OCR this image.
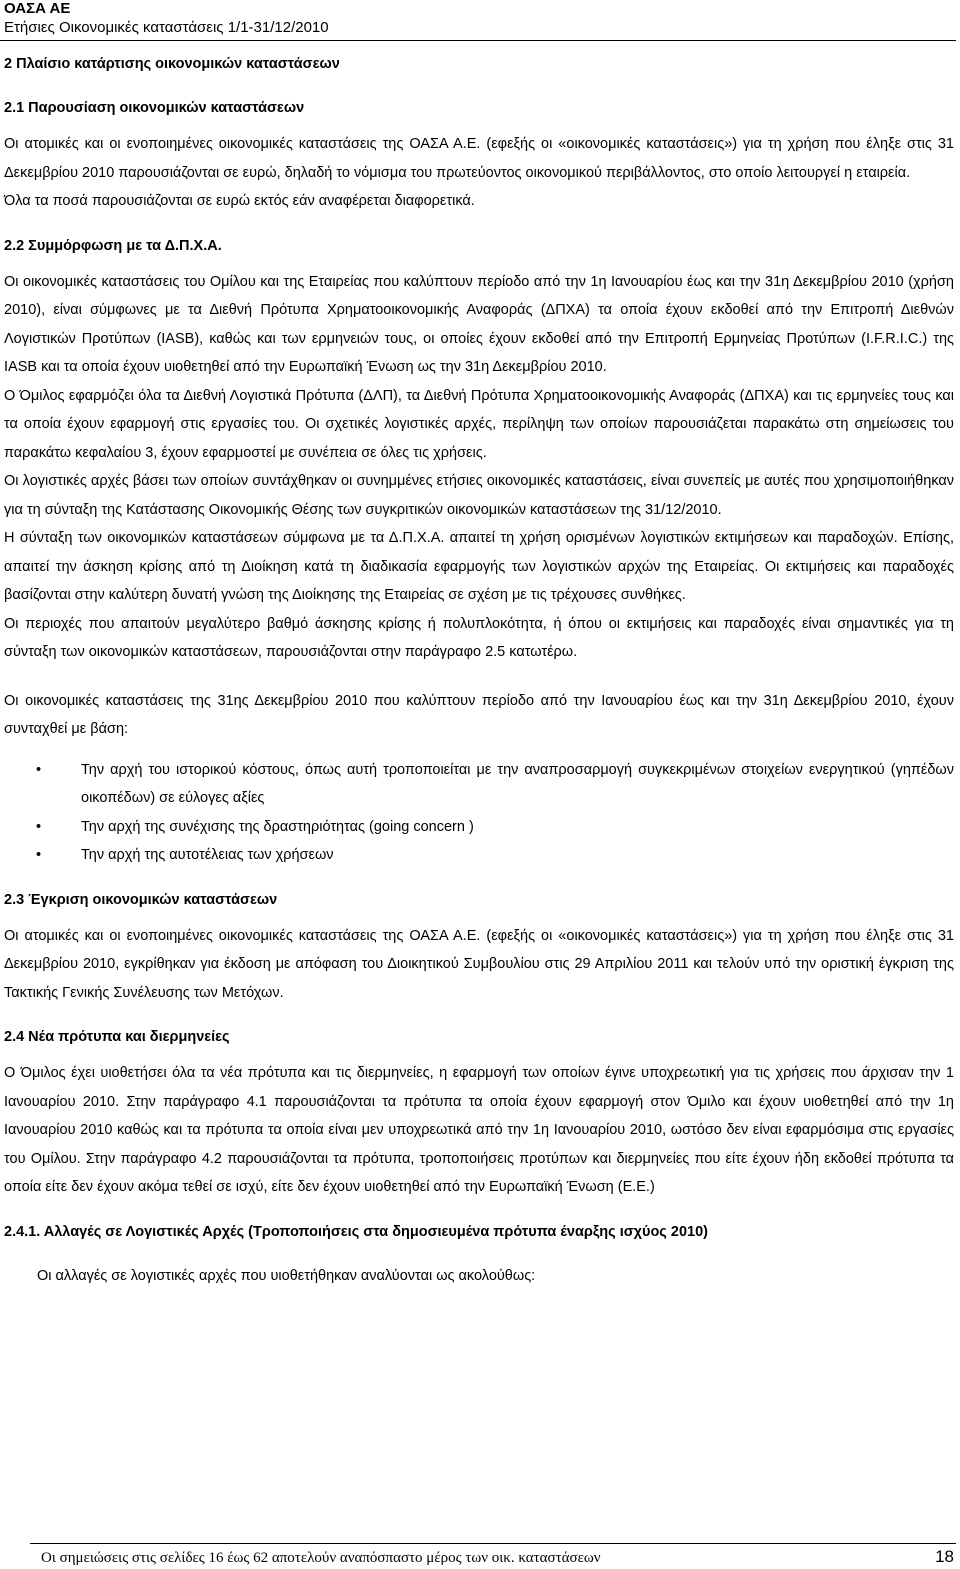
ΟΑΣΑ ΑΕ

Ετήσιες Οικονομικές καταστάσεις 1/1-31/12/2010

2 Πλαίσιο κατάρτισης οικονομικών καταστάσεων

2.1 Παρουσίαση οικονομικών καταστάσεων

Οι ατομικές και οι ενοποιημένες οικονομικές καταστάσεις της ΟΑΣΑ Α.Ε. (εφεξής οι «οικονομικές καταστάσεις») για τη χρήση που έληξε στις 31 Δεκεμβρίου 2010 παρουσιάζονται σε ευρώ, δηλαδή το νόμισμα του πρωτεύοντος οικονομικού περιβάλλοντος, στο οποίο λειτουργεί η εταιρεία.

Όλα τα ποσά παρουσιάζονται σε ευρώ εκτός εάν αναφέρεται διαφορετικά.

2.2 Συμμόρφωση με τα Δ.Π.Χ.Α.

Οι οικονομικές καταστάσεις του Ομίλου και της Εταιρείας που καλύπτουν περίοδο από την 1η Ιανουαρίου έως και την 31η Δεκεμβρίου 2010 (χρήση 2010), είναι σύμφωνες με τα Διεθνή Πρότυπα Χρηματοοικονομικής Αναφοράς (ΔΠΧΑ) τα οποία έχουν εκδοθεί από την Επιτροπή Διεθνών Λογιστικών Προτύπων (IASB), καθώς και των ερμηνειών τους, οι οποίες έχουν εκδοθεί από την Επιτροπή Ερμηνείας Προτύπων (I.F.R.I.C.) της IASB και τα οποία έχουν υιοθετηθεί από την Ευρωπαϊκή Ένωση ως την 31η Δεκεμβρίου 2010.

Ο Όμιλος εφαρμόζει όλα τα Διεθνή Λογιστικά Πρότυπα (ΔΛΠ), τα Διεθνή Πρότυπα Χρηματοοικονομικής Αναφοράς (ΔΠΧΑ) και τις ερμηνείες τους και τα οποία έχουν εφαρμογή στις εργασίες του. Οι σχετικές λογιστικές αρχές, περίληψη των οποίων παρουσιάζεται παρακάτω στη σημείωσεις του παρακάτω κεφαλαίου 3, έχουν εφαρμοστεί με συνέπεια σε όλες τις χρήσεις.

Οι λογιστικές αρχές βάσει των οποίων συντάχθηκαν οι συνημμένες ετήσιες οικονομικές καταστάσεις, είναι συνεπείς με αυτές που χρησιμοποιήθηκαν για τη σύνταξη της Κατάστασης Οικονομικής Θέσης των συγκριτικών οικονομικών καταστάσεων της 31/12/2010.

Η σύνταξη των οικονομικών καταστάσεων σύμφωνα με τα Δ.Π.Χ.Α. απαιτεί τη χρήση ορισμένων λογιστικών εκτιμήσεων και παραδοχών. Επίσης, απαιτεί την άσκηση κρίσης από τη Διοίκηση κατά τη διαδικασία εφαρμογής των λογιστικών αρχών της Εταιρείας. Οι εκτιμήσεις και παραδοχές βασίζονται στην καλύτερη δυνατή γνώση της Διοίκησης της Εταιρείας σε σχέση με τις τρέχουσες συνθήκες.

Οι περιοχές που απαιτούν μεγαλύτερο βαθμό άσκησης κρίσης ή πολυπλοκότητα, ή όπου οι εκτιμήσεις και παραδοχές είναι σημαντικές για τη σύνταξη των οικονομικών καταστάσεων, παρουσιάζονται στην παράγραφο 2.5 κατωτέρω.

Οι οικονομικές καταστάσεις της 31ης Δεκεμβρίου 2010 που καλύπτουν περίοδο από την Ιανουαρίου έως και την 31η Δεκεμβρίου 2010, έχουν συνταχθεί με βάση:

•	Την αρχή του ιστορικού κόστους, όπως αυτή τροποποιείται με την αναπροσαρμογή συγκεκριμένων στοιχείων ενεργητικού (γηπέδων οικοπέδων) σε εύλογες αξίες
•	Την αρχή της συνέχισης της δραστηριότητας (going concern )
•	Την αρχή της αυτοτέλειας των χρήσεων

2.3 Έγκριση οικονομικών καταστάσεων

Οι ατομικές και οι ενοποιημένες οικονομικές καταστάσεις της ΟΑΣΑ Α.Ε. (εφεξής οι «οικονομικές καταστάσεις») για τη χρήση που έληξε στις 31 Δεκεμβρίου 2010, εγκρίθηκαν για έκδοση με απόφαση του Διοικητικού Συμβουλίου στις 29 Απριλίου 2011 και τελούν υπό την οριστική έγκριση της Τακτικής Γενικής Συνέλευσης των Μετόχων.

2.4 Νέα πρότυπα και διερμηνείες

Ο Όμιλος έχει υιοθετήσει όλα τα νέα πρότυπα και τις διερμηνείες, η εφαρμογή των οποίων έγινε υποχρεωτική για τις χρήσεις που άρχισαν την 1 Ιανουαρίου 2010. Στην παράγραφο 4.1 παρουσιάζονται τα πρότυπα τα οποία έχουν εφαρμογή στον Όμιλο και έχουν υιοθετηθεί από την 1η Ιανουαρίου 2010 καθώς και τα πρότυπα τα οποία είναι μεν υποχρεωτικά από την 1η Ιανουαρίου 2010, ωστόσο δεν είναι εφαρμόσιμα στις εργασίες του Ομίλου. Στην παράγραφο 4.2 παρουσιάζονται τα πρότυπα, τροποποιήσεις προτύπων και διερμηνείες που είτε έχουν ήδη εκδοθεί πρότυπα τα οποία είτε δεν έχουν ακόμα τεθεί σε ισχύ, είτε δεν έχουν υιοθετηθεί από την Ευρωπαϊκή Ένωση (Ε.Ε.)

2.4.1. Αλλαγές σε Λογιστικές Αρχές (Τροποποιήσεις στα δημοσιευμένα πρότυπα έναρξης ισχύος 2010)

Οι αλλαγές σε λογιστικές αρχές που υιοθετήθηκαν αναλύονται ως ακολούθως:

Οι σημειώσεις στις σελίδες 16 έως 62 αποτελούν αναπόσπαστο μέρος των οικ. καταστάσεων	18
